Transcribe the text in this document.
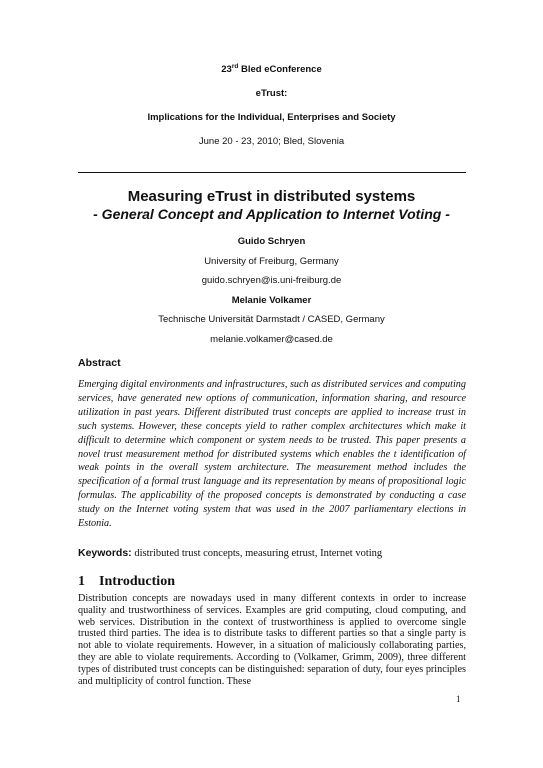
23rd Bled eConference
eTrust:
Implications for the Individual, Enterprises and Society
June 20 - 23, 2010; Bled, Slovenia
Measuring eTrust in distributed systems
- General Concept and Application to Internet Voting -
Guido Schryen
University of Freiburg, Germany
guido.schryen@is.uni-freiburg.de
Melanie Volkamer
Technische Universität Darmstadt / CASED, Germany
melanie.volkamer@cased.de
Abstract

Emerging digital environments and infrastructures, such as distributed services and computing services, have generated new options of communication, information sharing, and resource utilization in past years. Different distributed trust concepts are applied to increase trust in such systems. However, these concepts yield to rather complex architectures which make it difficult to determine which component or system needs to be trusted. This paper presents a novel trust measurement method for distributed systems which enables the t identification of weak points in the overall system architecture. The measurement method includes the specification of a formal trust language and its representation by means of propositional logic formulas. The applicability of the proposed concepts is demonstrated by conducting a case study on the Internet voting system that was used in the 2007 parliamentary elections in Estonia.

Keywords: distributed trust concepts, measuring etrust, Internet voting
1 Introduction

Distribution concepts are nowadays used in many different contexts in order to increase quality and trustworthiness of services. Examples are grid computing, cloud computing, and web services. Distribution in the context of trustworthiness is applied to overcome single trusted third parties. The idea is to distribute tasks to different parties so that a single party is not able to violate requirements. However, in a situation of maliciously collaborating parties, they are able to violate requirements. According to (Volkamer, Grimm, 2009), three different types of distributed trust concepts can be distinguished: separation of duty, four eyes principles and multiplicity of control function. These

1
